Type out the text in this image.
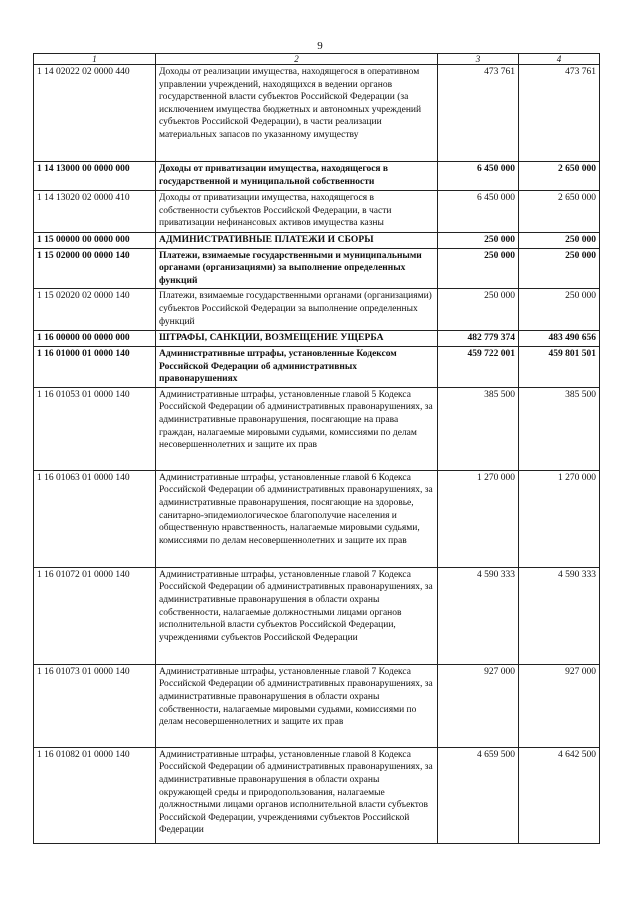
9
1	2	3	4
1 14 02022 02 0000 440	Доходы от реализации имущества, находящегося в оперативном управлении учреждений, находящихся в ведении органов государственной власти субъектов Российской Федерации (за исключением имущества бюджетных и автономных учреждений субъектов Российской Федерации), в части реализации материальных запасов по указанному имуществу	473 761	473 761
1 14 13000 00 0000 000	Доходы от приватизации имущества, находящегося в государственной и муниципальной собственности	6 450 000	2 650 000
1 14 13020 02 0000 410	Доходы от приватизации имущества, находящегося в собственности субъектов Российской Федерации, в части приватизации нефинансовых активов имущества казны	6 450 000	2 650 000
1 15 00000 00 0000 000	АДМИНИСТРАТИВНЫЕ ПЛАТЕЖИ И СБОРЫ	250 000	250 000
1 15 02000 00 0000 140	Платежи, взимаемые государственными и муниципальными органами (организациями) за выполнение определенных функций	250 000	250 000
1 15 02020 02 0000 140	Платежи, взимаемые государственными органами (организациями) субъектов Российской Федерации за выполнение определенных функций	250 000	250 000
1 16 00000 00 0000 000	ШТРАФЫ, САНКЦИИ, ВОЗМЕЩЕНИЕ УЩЕРБА	482 779 374	483 490 656
1 16 01000 01 0000 140	Административные штрафы, установленные Кодексом Российской Федерации об административных правонарушениях	459 722 001	459 801 501
1 16 01053 01 0000 140	Административные штрафы, установленные главой 5 Кодекса Российской Федерации об административных правонарушениях, за административные правонарушения, посягающие на права граждан, налагаемые мировыми судьями, комиссиями по делам несовершеннолетних и защите их прав	385 500	385 500
1 16 01063 01 0000 140	Административные штрафы, установленные главой 6 Кодекса Российской Федерации об административных правонарушениях, за административные правонарушения, посягающие на здоровье, санитарно-эпидемиологическое благополучие населения и общественную нравственность, налагаемые мировыми судьями, комиссиями по делам несовершеннолетних и защите их прав	1 270 000	1 270 000
1 16 01072 01 0000 140	Административные штрафы, установленные главой 7 Кодекса Российской Федерации об административных правонарушениях, за административные правонарушения в области охраны собственности, налагаемые должностными лицами органов исполнительной власти субъектов Российской Федерации, учреждениями субъектов Российской Федерации	4 590 333	4 590 333
1 16 01073 01 0000 140	Административные штрафы, установленные главой 7 Кодекса Российской Федерации об административных правонарушениях, за административные правонарушения в области охраны собственности, налагаемые мировыми судьями, комиссиями по делам несовершеннолетних и защите их прав	927 000	927 000
1 16 01082 01 0000 140	Административные штрафы, установленные главой 8 Кодекса Российской Федерации об административных правонарушениях, за административные правонарушения в области охраны окружающей среды и природопользования, налагаемые должностными лицами органов исполнительной власти субъектов Российской Федерации, учреждениями субъектов Российской Федерации	4 659 500	4 642 500
